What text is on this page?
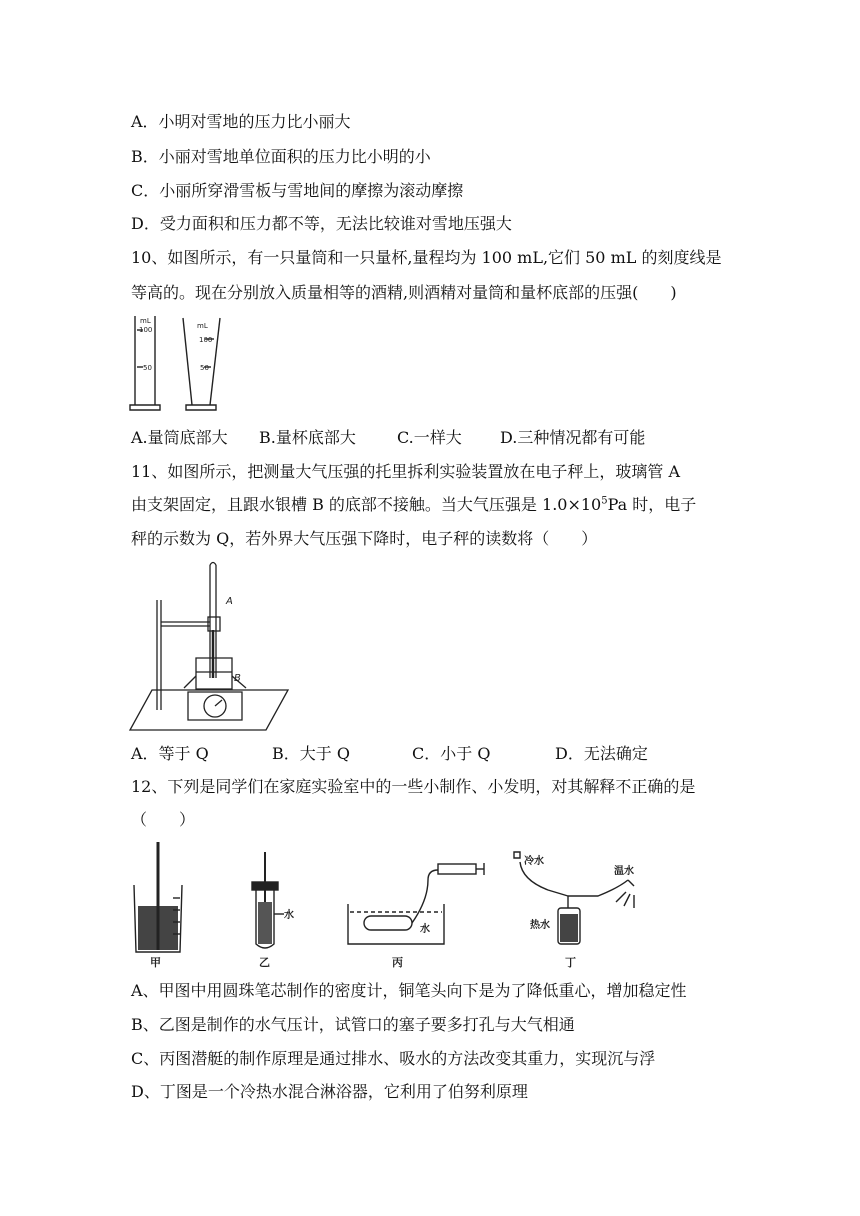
A．小明对雪地的压力比小丽大
B．小丽对雪地单位面积的压力比小明的小
C．小丽所穿滑雪板与雪地间的摩擦为滚动摩擦
D．受力面积和压力都不等，无法比较谁对雪地压强大
10、如图所示，有一只量筒和一只量杯,量程均为 100 mL,它们 50 mL 的刻度线是
等高的。现在分别放入质量相等的酒精,则酒精对量筒和量杯底部的压强(　　)
mL
100
50
mL
100
50
A.量筒底部大 B.量杯底部大	C.一样大 D.三种情况都有可能
11、如图所示，把测量大气压强的托里拆利实验装置放在电子秤上，玻璃管 A
由支架固定，且跟水银槽 B 的底部不接触。当大气压强是 $1.0\times 10^5Pa$ 时，电子
秤的示数为 Q，若外界大气压强下降时，电子秤的读数将（　　）
A
B
A．等于 Q	B．大于 Q	C．小于 Q	D．无法确定
12、下列是同学们在家庭实验室中的一些小制作、小发明，对其解释不正确的是
（　　）
甲
水
乙
水
丙
冷水
温水
热水
丁
A、甲图中用圆珠笔芯制作的密度计，铜笔头向下是为了降低重心，增加稳定性
B、乙图是制作的水气压计，试管口的塞子要多打孔与大气相通
C、丙图潜艇的制作原理是通过排水、吸水的方法改变其重力，实现沉与浮
D、丁图是一个冷热水混合淋浴器，它利用了伯努利原理
